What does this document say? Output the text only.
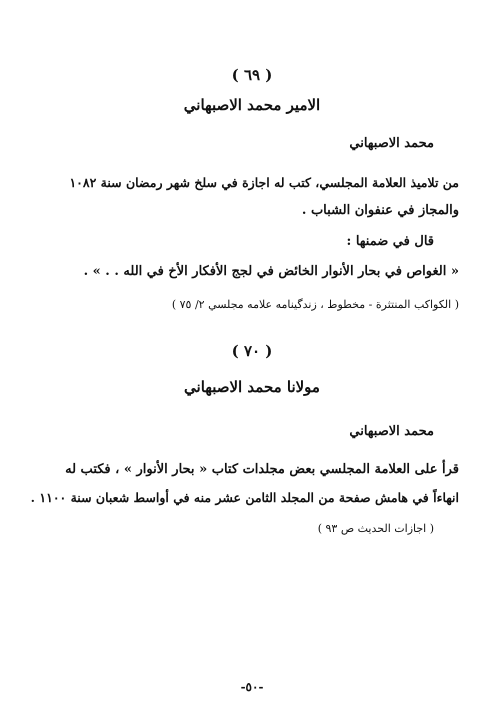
( ٦٩ )
الامير محمد الاصبهاني
محمد الاصبهاني
من تلاميذ العلامة المجلسي، كتب له اجازة في سلخ شهر رمضان سنة ١٠٨٢
والمجاز في عنفوان الشباب .
قال في ضمنها :
« الغواص في بحار الأنوار الخائض في لجج الأفكار الأخ في الله . . » .
( الكواكب المنتثرة - مخطوط ، زندگينامه علامه مجلسي ٢/ ٧٥ )
( ٧٠ )
مولانا محمد الاصبهاني
محمد الاصبهاني
قرأ على العلامة المجلسي بعض مجلدات كتاب « بحار الأنوار » ، فكتب له
انهاءاً في هامش صفحة من المجلد الثامن عشر منه في أواسط شعبان سنة ١١٠٠ .
( اجازات الحديث ص ٩٣ )
-٥٠-
